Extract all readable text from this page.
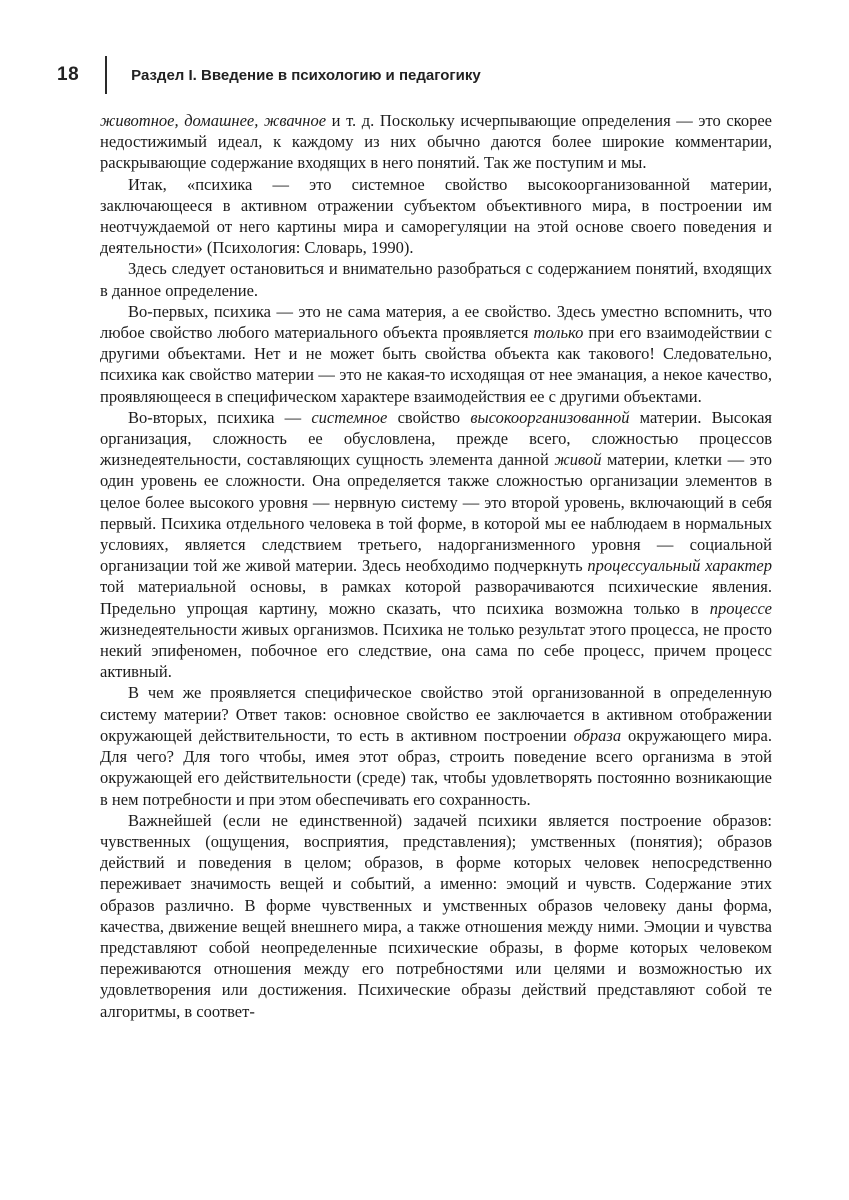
18	Раздел I. Введение в психологию и педагогику

животное, домашнее, жвачное и т. д. Поскольку исчерпывающие определения — это скорее недостижимый идеал, к каждому из них обычно даются более широкие комментарии, раскрывающие содержание входящих в него понятий. Так же поступим и мы.

Итак, «психика — это системное свойство высокоорганизованной материи, заключающееся в активном отражении субъектом объективного мира, в построении им неотчуждаемой от него картины мира и саморегуляции на этой основе своего поведения и деятельности» (Психология: Словарь, 1990).

Здесь следует остановиться и внимательно разобраться с содержанием понятий, входящих в данное определение.

Во-первых, психика — это не сама материя, а ее свойство. Здесь уместно вспомнить, что любое свойство любого материального объекта проявляется только при его взаимодействии с другими объектами. Нет и не может быть свойства объекта как такового! Следовательно, психика как свойство материи — это не какая-то исходящая от нее эманация, а некое качество, проявляющееся в специфическом характере взаимодействия ее с другими объектами.

Во-вторых, психика — системное свойство высокоорганизованной материи. Высокая организация, сложность ее обусловлена, прежде всего, сложностью процессов жизнедеятельности, составляющих сущность элемента данной живой материи, клетки — это один уровень ее сложности. Она определяется также сложностью организации элементов в целое более высокого уровня — нервную систему — это второй уровень, включающий в себя первый. Психика отдельного человека в той форме, в которой мы ее наблюдаем в нормальных условиях, является следствием третьего, надорганизменного уровня — социальной организации той же живой материи. Здесь необходимо подчеркнуть процессуальный характер той материальной основы, в рамках которой разворачиваются психические явления. Предельно упрощая картину, можно сказать, что психика возможна только в процессе жизнедеятельности живых организмов. Психика не только результат этого процесса, не просто некий эпифеномен, побочное его следствие, она сама по себе процесс, причем процесс активный.

В чем же проявляется специфическое свойство этой организованной в определенную систему материи? Ответ таков: основное свойство ее заключается в активном отображении окружающей действительности, то есть в активном построении образа окружающего мира. Для чего? Для того чтобы, имея этот образ, строить поведение всего организма в этой окружающей его действительности (среде) так, чтобы удовлетворять постоянно возникающие в нем потребности и при этом обеспечивать его сохранность.

Важнейшей (если не единственной) задачей психики является построение образов: чувственных (ощущения, восприятия, представления); умственных (понятия); образов действий и поведения в целом; образов, в форме которых человек непосредственно переживает значимость вещей и событий, а именно: эмоций и чувств. Содержание этих образов различно. В форме чувственных и умственных образов человеку даны форма, качества, движение вещей внешнего мира, а также отношения между ними. Эмоции и чувства представляют собой неопределенные психические образы, в форме которых человеком переживаются отношения между его потребностями или целями и возможностью их удовлетворения или достижения. Психические образы действий представляют собой те алгоритмы, в соответ-
